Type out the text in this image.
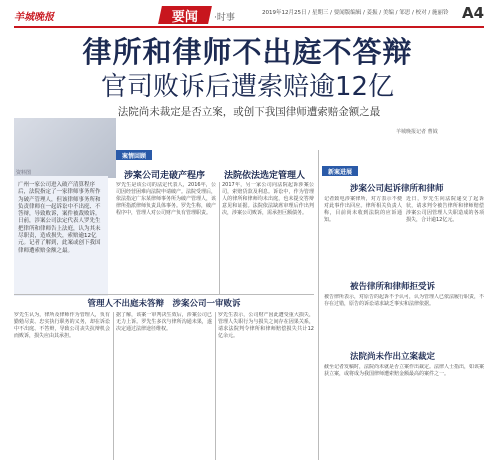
羊城晚报	要闻 ·时事	2019年12月25日 / 星期三 / 要闻版编辑 / 姜振 / 美编 / 邹思 / 校对 / 施丽铃 A4
律所和律师不出庭不答辩
官司败诉后遭索赔逾12亿
法院尚未裁定是否立案，或创下我国律师遭索赔金额之最
羊城晚报记者 曹钺
资料图
广州一家公司进入破产清算程序后，法院指定了一家律师事务所作为破产管理人，但该律师事务所和负责律师在一起诉讼中不出庭、不答辩，导致败诉，案件被裁败诉。日前，涉案公司法定代表人罗先生把律所和律师告上法庭，认为其未尽职责，造成损失，索赔逾12亿元。记者了解到，此案或创下我国律师遭索赔金额之最。
案情回顾
涉案公司走破产程序 法院依法选定管理人
罗先生是该公司的法定代表人，2016年，公司因经营困难向法院申请破产。法院受理后，依法指定广东某律师事务所为破产管理人，该律所指派律师负责具体事务。罗先生称，破产程序中，管理人对公司财产负有管理职责。
2017年，另一家公司向法院起诉涉案公司，索赔货款及利息。诉讼中，作为管理人的律所和律师均未出庭，也未提交答辩意见和证据。法院依法缺席审理后作出判决，涉案公司败诉，需承担巨额债务。
管理人不出庭未答辩　涉案公司一审败诉
罗先生认为，律所及律师作为管理人，负有勤勉尽责、忠实执行职务的义务，却在诉讼中不出庭、不答辩，导致公司丧失抗辩机会而败诉，损失应由其承担。
据了解，该案一审判决生效后，涉案公司已无力上诉。罗先生多次与律所沟通未果，遂决定通过法律途径维权。
罗先生表示，公司财产因此遭受重大损失，管理人失职行为与损失之间存在因果关系，请求法院判令律所和律师赔偿损失共计12亿余元。
新案进展
涉案公司起诉律所和律师
记者致电涉案律所，对方表示不便对此事作出回应。律所相关负责人称，目前尚未收到法院的应诉通知。
近日，罗先生向法院递交了起诉状，请求判令被告律所和律师赔偿涉案公司因管理人失职造成的各项损失，合计逾12亿元。
被告律所和律师拒受诉
被告律所表示，对原告的起诉不予认可，认为管理人已依法履行职责，不存在过错，原告的诉讼请求缺乏事实和法律依据。
法院尚未作出立案裁定
截至记者发稿时，法院尚未就是否立案作出裁定。法律人士指出，如该案获立案，或将成为我国律师遭索赔金额最高的案件之一。
